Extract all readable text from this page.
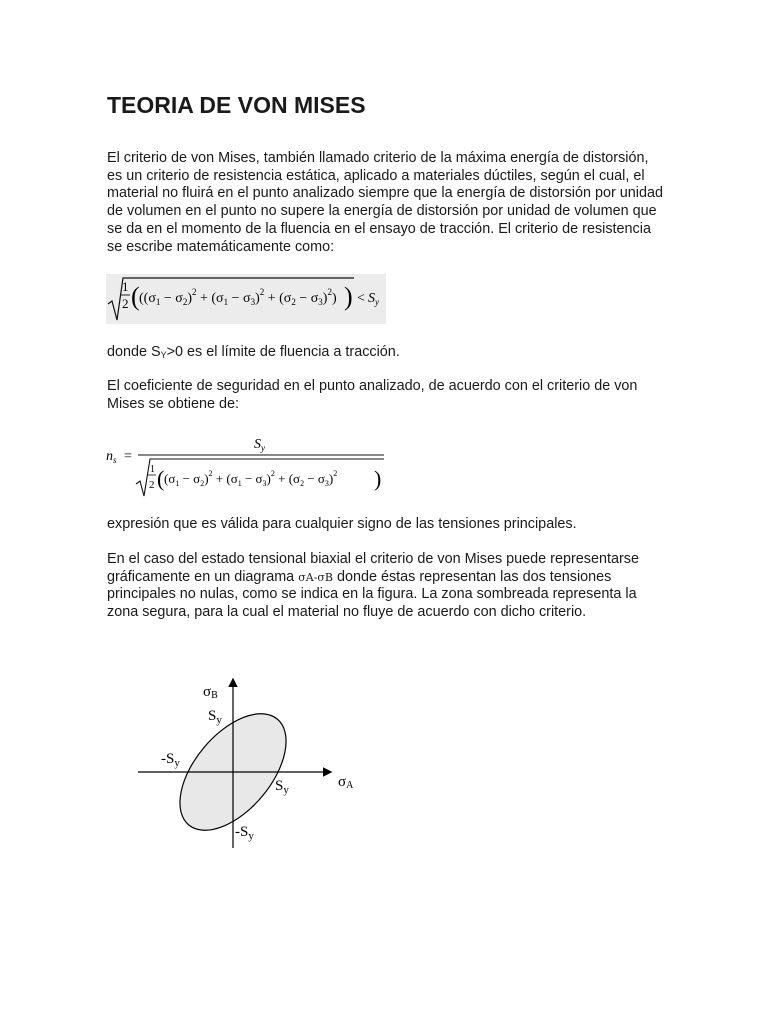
TEORIA DE VON MISES

El criterio de von Mises, también llamado criterio de la máxima energía de distorsión, es un criterio de resistencia estática, aplicado a materiales dúctiles, según el cual, el material no fluirá en el punto analizado siempre que la energía de distorsión por unidad de volumen en el punto no supere la energía de distorsión por unidad de volumen que se da en el momento de la fluencia en el ensayo de tracción. El criterio de resistencia se escribe matemáticamente como:

1
2 ( $((\sigma_1 - \sigma_2)^2 + (\sigma_1 - \sigma_3)^2 + (\sigma_2 - \sigma_3)^2)$ ) < $S_y$

donde SY>0 es el límite de fluencia a tracción.

El coeficiente de seguridad en el punto analizado, de acuerdo con el criterio de von Mises se obtiene de:

$n_s$ =
$S_y$
1
2 ( $(\sigma_1 - \sigma_2)^2 + (\sigma_1 - \sigma_3)^2 + (\sigma_2 - \sigma_3)^2$ )

expresión que es válida para cualquier signo de las tensiones principales.

En el caso del estado tensional biaxial el criterio de von Mises puede representarse gráficamente en un diagrama σA-σB donde éstas representan las dos tensiones principales no nulas, como se indica en la figura. La zona sombreada representa la zona segura, para la cual el material no fluye de acuerdo con dicho criterio.

σB
σA
$S_y$
$-S_y$
$S_y$
$-S_y$
